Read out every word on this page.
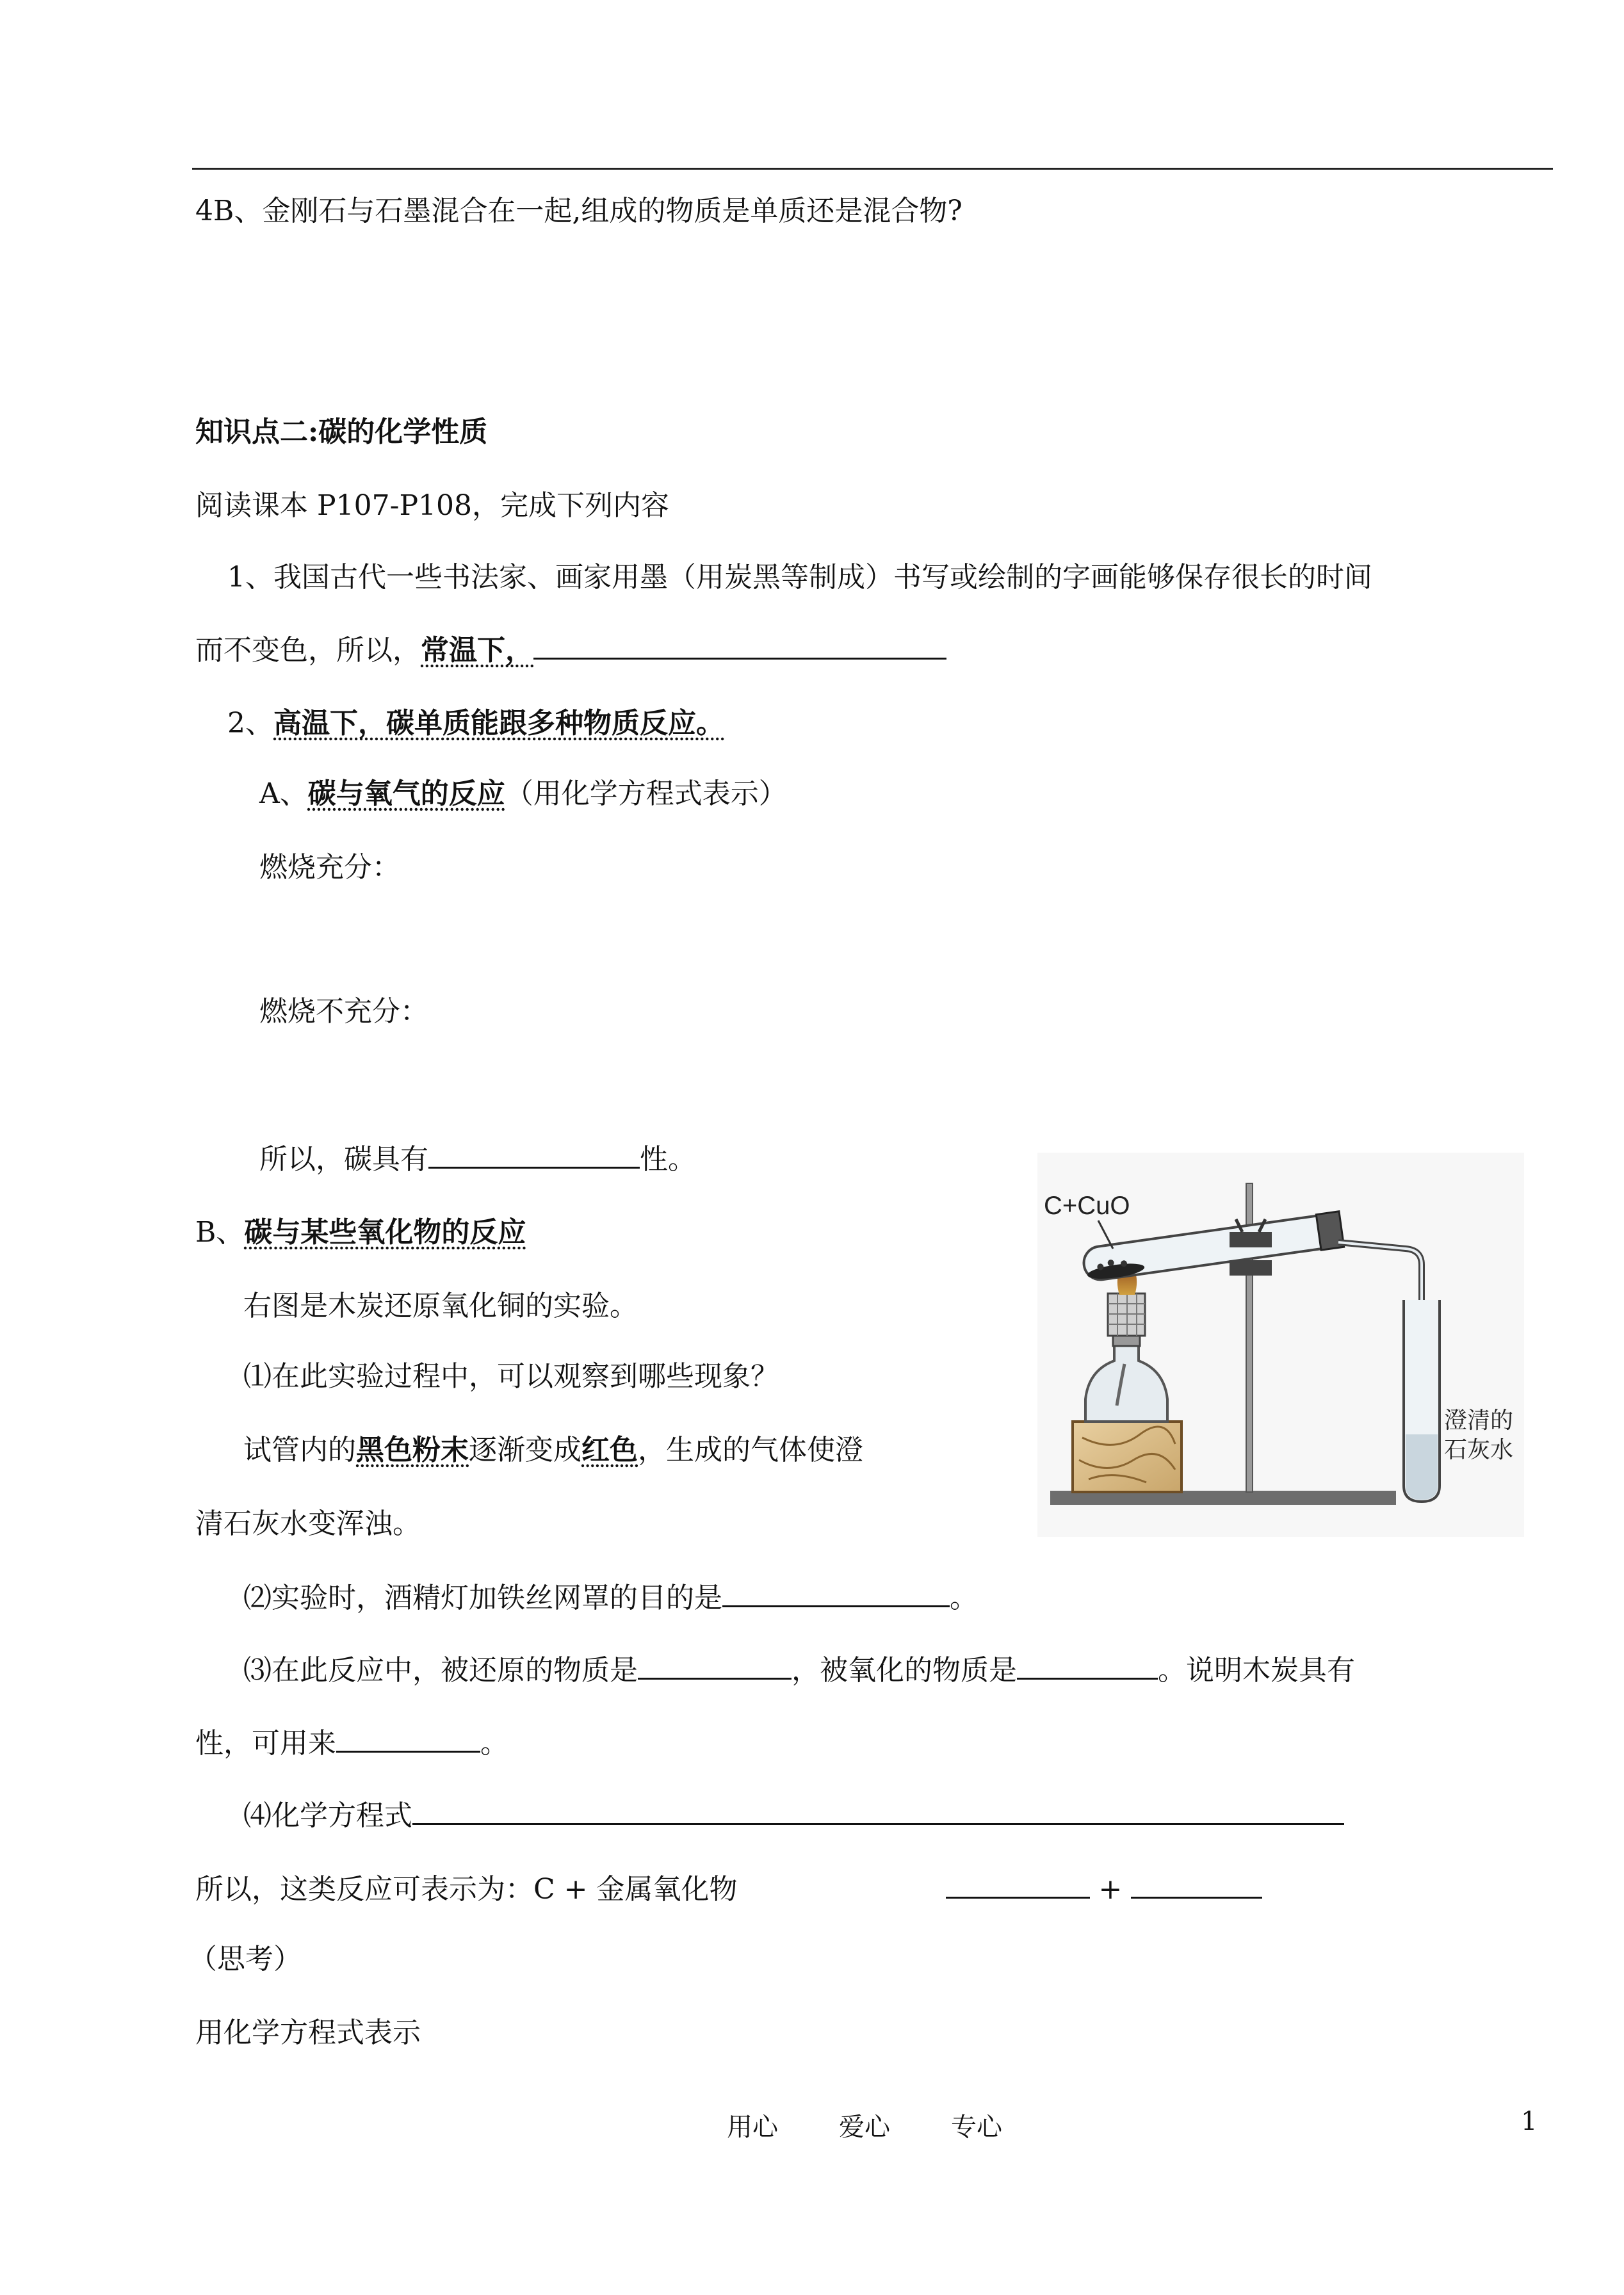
4B、金刚石与石墨混合在一起,组成的物质是单质还是混合物?
知识点二:碳的化学性质
阅读课本 P107-P108，完成下列内容
1、我国古代一些书法家、画家用墨（用炭黑等制成）书写或绘制的字画能够保存很长的时间
而不变色，所以，常温下，
2、高温下，碳单质能跟多种物质反应。
A、碳与氧气的反应（用化学方程式表示）
燃烧充分：
燃烧不充分：
所以，碳具有	性。
B、碳与某些氧化物的反应
右图是木炭还原氧化铜的实验。
⑴在此实验过程中，可以观察到哪些现象？
试管内的黑色粉末逐渐变成红色，生成的气体使澄
清石灰水变浑浊。
⑵实验时，酒精灯加铁丝网罩的目的是	。
⑶在此反应中，被还原的物质是	，被氧化的物质是	。说明木炭具有
性，可用来	。
⑷化学方程式
所以，这类反应可表示为：C + 金属氧化物	+
（思考）
用化学方程式表示
C+CuO
澄清的
石灰水
用心 爱心 专心	1
